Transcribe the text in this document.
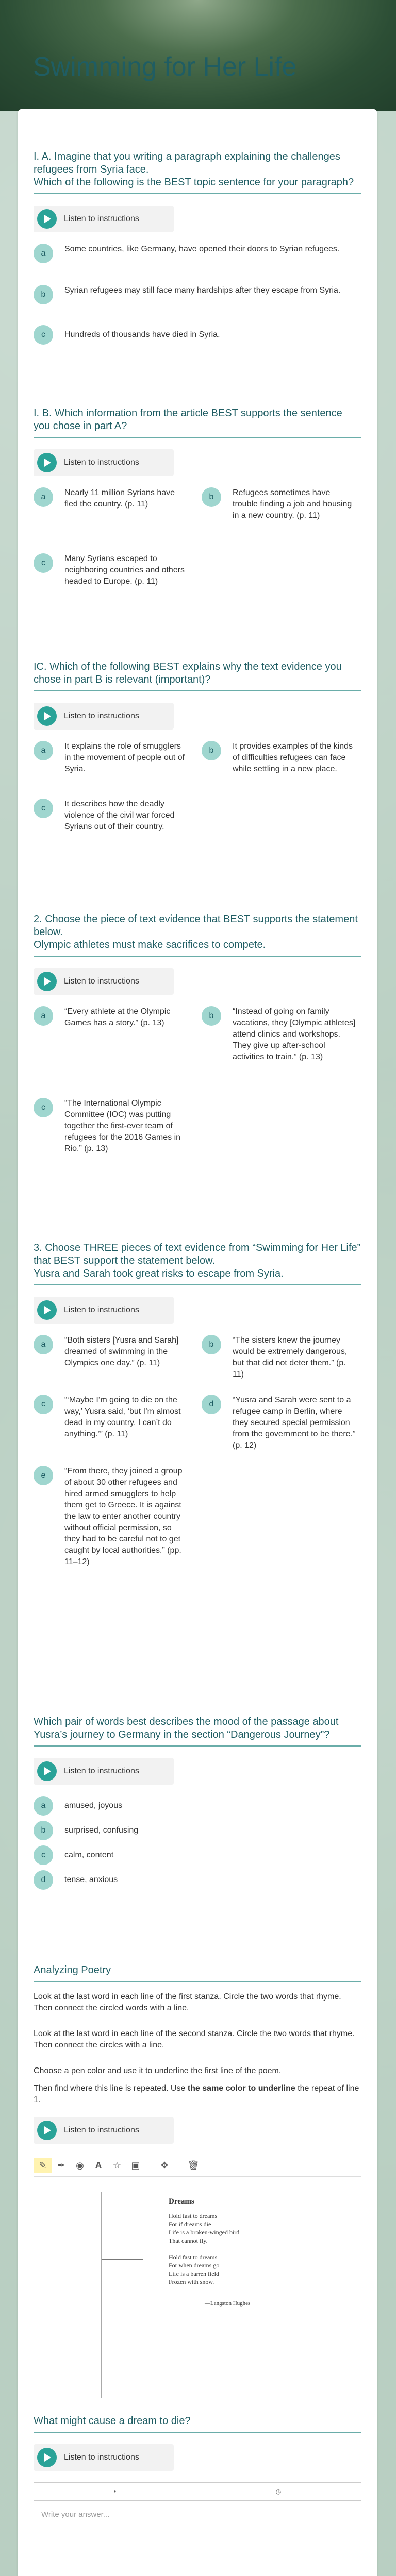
Swimming for Her Life
I. A. Imagine that you writing a paragraph explaining the challenges refugees from Syria face.
Which of the following is the BEST topic sentence for your paragraph?
Listen to instructions
a	Some countries, like Germany, have opened their doors to Syrian refugees.
b	Syrian refugees may still face many hardships after they escape from Syria.
c	Hundreds of thousands have died in Syria.
I. B. Which information from the article BEST supports the sentence you chose in part A?
Listen to instructions
a	Nearly 11 million Syrians have fled the country. (p. 11)
b	Refugees sometimes have trouble finding a job and housing in a new country. (p. 11)
c	Many Syrians escaped to neighboring countries and others headed to Europe. (p. 11)
IC. Which of the following BEST explains why the text evidence you chose in part B is relevant (important)?
Listen to instructions
a	It explains the role of smugglers in the movement of people out of Syria.
b	It provides examples of the kinds of difficulties refugees can face while settling in a new place.
c	It describes how the deadly violence of the civil war forced Syrians out of their country.
2. Choose the piece of text evidence that BEST supports the statement below.
Olympic athletes must make sacrifices to compete.
Listen to instructions
a	“Every athlete at the Olympic Games has a story.” (p. 13)
b	“Instead of going on family vacations, they [Olympic athletes] attend clinics and workshops. They give up after-school activities to train.” (p. 13)
c	“The International Olympic Committee (IOC) was putting together the first-ever team of refugees for the 2016 Games in Rio.” (p. 13)
3. Choose THREE pieces of text evidence from “Swimming for Her Life” that BEST support the statement below.
Yusra and Sarah took great risks to escape from Syria.
Listen to instructions
a	“Both sisters [Yusra and Sarah] dreamed of swimming in the Olympics one day.” (p. 11)
b	“The sisters knew the journey would be extremely dangerous, but that did not deter them.” (p. 11)
c	“‘Maybe I’m going to die on the way,’ Yusra said, ‘but I’m almost dead in my country. I can’t do anything.’” (p. 11)
d	“Yusra and Sarah were sent to a refugee camp in Berlin, where they secured special permission from the government to be there.” (p. 12)
e	“From there, they joined a group of about 30 other refugees and hired armed smugglers to help them get to Greece. It is against the law to enter another country without official permission, so they had to be careful not to get caught by local authorities.” (pp. 11–12)
Which pair of words best describes the mood of the passage about Yusra’s journey to Germany in the section “Dangerous Journey”?
Listen to instructions
a	amused, joyous
b	surprised, confusing
c	calm, content
d	tense, anxious
Analyzing Poetry
Look at the last word in each line of the first stanza. Circle the two words that rhyme. Then connect the circled words with a line.
Look at the last word in each line of the second stanza. Circle the two words that rhyme. Then connect the circles with a line.
Choose a pen color and use it to underline the first line of the poem.
Then find where this line is repeated. Use the same color to underline the repeat of line 1.
Listen to instructions
✎	✒	◉	A	☆	▣	✥	🗑
Dreams
Hold fast to dreams
For if dreams die
Life is a broken-winged bird
That cannot fly.
Hold fast to dreams
For when dreams go
Life is a barren field
Frozen with snow.
—Langston Hughes
What might cause a dream to die?
Listen to instructions
•	◷
Write your answer...
